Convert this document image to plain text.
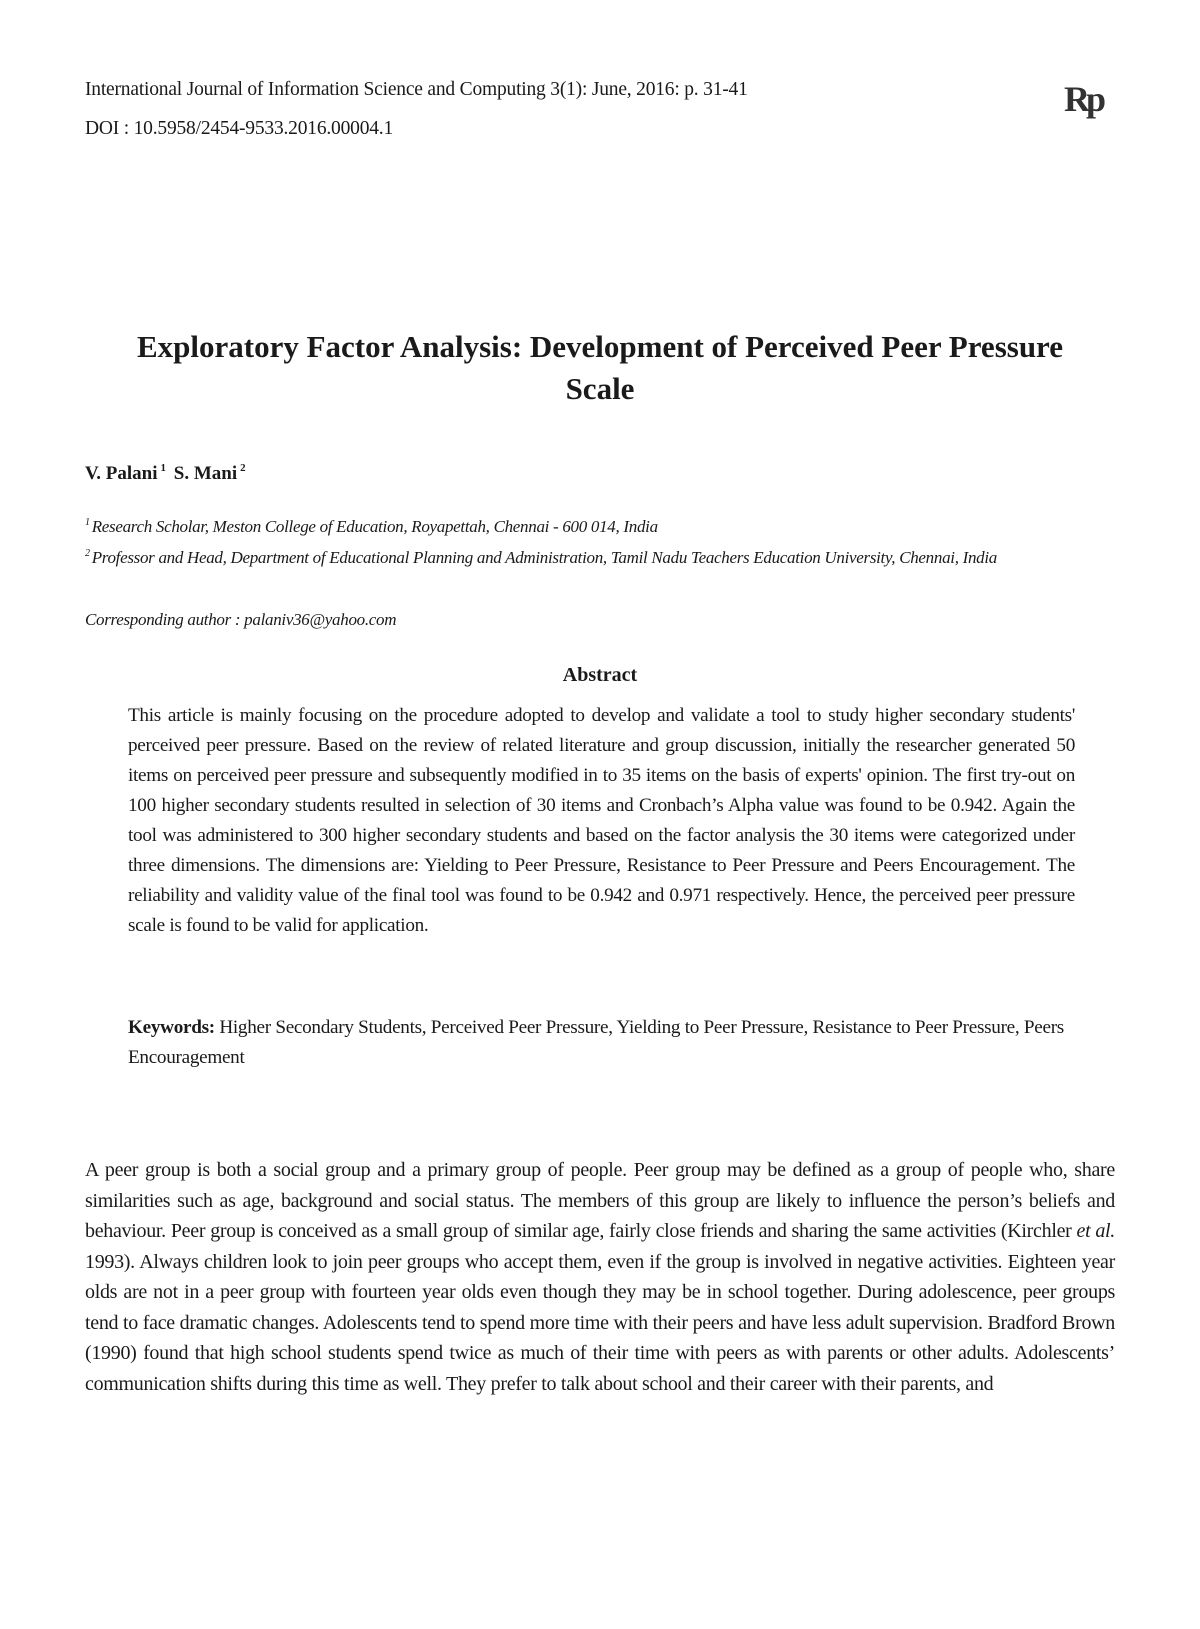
International Journal of Information Science and Computing 3(1): June, 2016: p. 31-41
DOI : 10.5958/2454-9533.2016.00004.1
Rp
Exploratory Factor Analysis: Development of Perceived Peer Pressure Scale
V. Palani $^1$ S. Mani $^2$
$^1$ Research Scholar, Meston College of Education, Royapettah, Chennai - 600 014, India
$^2$ Professor and Head, Department of Educational Planning and Administration, Tamil Nadu Teachers Education University, Chennai, India
Corresponding author : palaniv36@yahoo.com
Abstract
This article is mainly focusing on the procedure adopted to develop and validate a tool to study higher secondary students' perceived peer pressure. Based on the review of related literature and group discussion, initially the researcher generated 50 items on perceived peer pressure and subsequently modified in to 35 items on the basis of experts' opinion. The first try-out on 100 higher secondary students resulted in selection of 30 items and Cronbach’s Alpha value was found to be 0.942. Again the tool was administered to 300 higher secondary students and based on the factor analysis the 30 items were categorized under three dimensions. The dimensions are: Yielding to Peer Pressure, Resistance to Peer Pressure and Peers Encouragement. The reliability and validity value of the final tool was found to be 0.942 and 0.971 respectively. Hence, the perceived peer pressure scale is found to be valid for application.
Keywords: Higher Secondary Students, Perceived Peer Pressure, Yielding to Peer Pressure, Resistance to Peer Pressure, Peers Encouragement
A peer group is both a social group and a primary group of people. Peer group may be defined as a group of people who, share similarities such as age, background and social status. The members of this group are likely to influence the person’s beliefs and behaviour. Peer group is conceived as a small group of similar age, fairly close friends and sharing the same activities (Kirchler et al. 1993). Always children look to join peer groups who accept them, even if the group is involved in negative activities. Eighteen year olds are not in a peer group with fourteen year olds even though they may be in school together. During adolescence, peer groups tend to face dramatic changes. Adolescents tend to spend more time with their peers and have less adult supervision. Bradford Brown (1990) found that high school students spend twice as much of their time with peers as with parents or other adults. Adolescents’ communication shifts during this time as well. They prefer to talk about school and their career with their parents, and
